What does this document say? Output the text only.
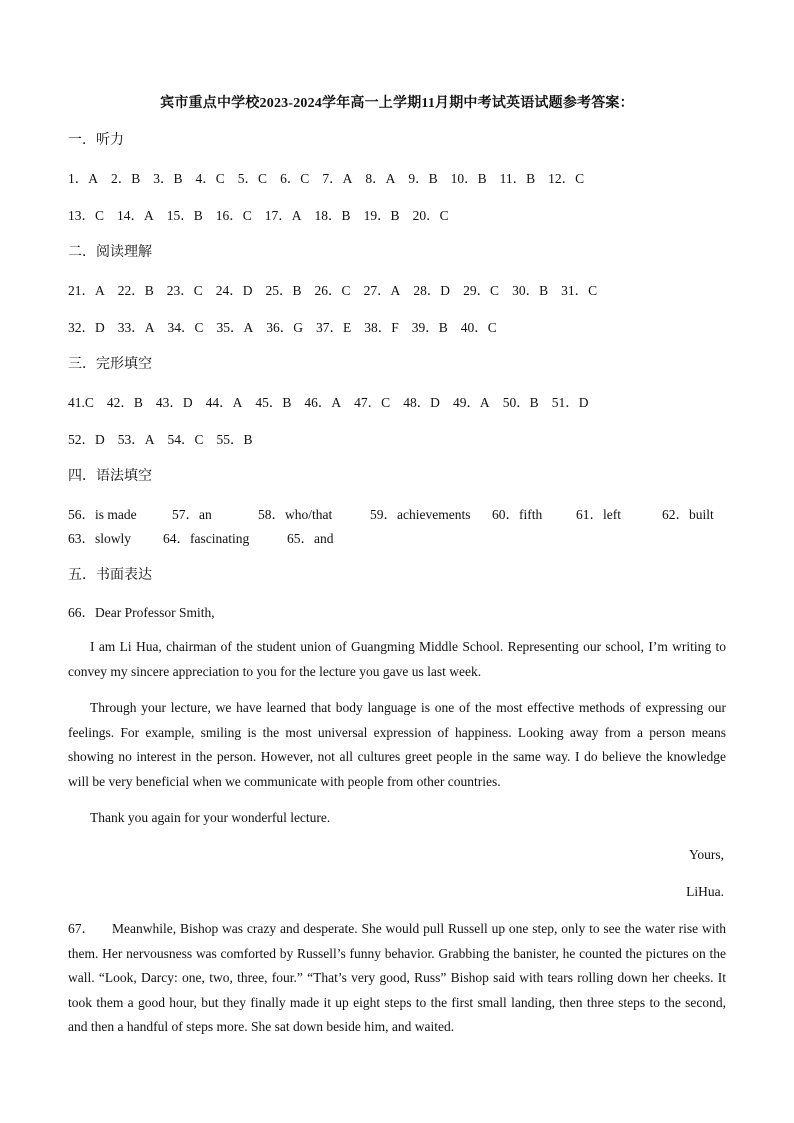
宾市重点中学校2023-2024学年高一上学期11月期中考试英语试题参考答案：
一．听力
1．A 2．B 3．B 4．C 5．C 6．C 7．A 8．A 9．B 10．B 11．B 12．C
13．C 14．A 15．B 16．C 17．A 18．B 19．B 20．C
二．阅读理解
21．A 22．B 23．C 24．D 25．B 26．C 27．A 28．D 29．C 30．B 31．C
32．D 33．A 34．C 35．A 36．G 37．E 38．F 39．B 40．C
三．完形填空
41.C 42．B 43．D 44．A 45．B 46．A 47．C 48．D 49．A 50．B 51．D
52．D 53．A 54．C 55．B
四．语法填空
56．is made	57．an	58．who/that	59．achievements 60．fifth	61．left	62．built
63．slowly 64．fascinating	65．and
五．书面表达
66．Dear Professor Smith,
I am Li Hua, chairman of the student union of Guangming Middle School. Representing our school, I’m writing to convey my sincere appreciation to you for the lecture you gave us last week.
Through your lecture, we have learned that body language is one of the most effective methods of expressing our feelings. For example, smiling is the most universal expression of happiness. Looking away from a person means showing no interest in the person. However, not all cultures greet people in the same way. I do believe the knowledge will be very beneficial when we communicate with people from other countries.
Thank you again for your wonderful lecture.
Yours,
LiHua.
67． Meanwhile, Bishop was crazy and desperate. She would pull Russell up one step, only to see the water rise with them. Her nervousness was comforted by Russell’s funny behavior. Grabbing the banister, he counted the pictures on the wall. “Look, Darcy: one, two, three, four.” “That’s very good, Russ” Bishop said with tears rolling down her cheeks. It took them a good hour, but they finally made it up eight steps to the first small landing, then three steps to the second, and then a handful of steps more. She sat down beside him, and waited.
